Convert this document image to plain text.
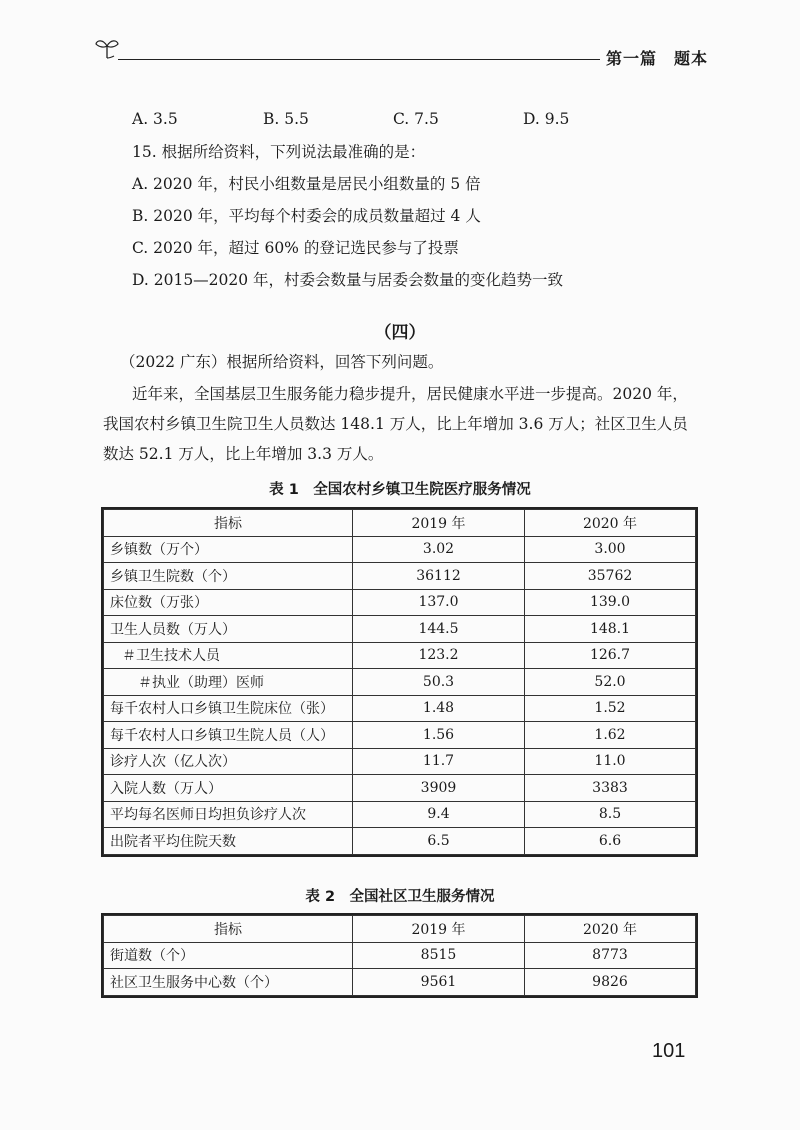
第一篇　题本
A. 3.5	B. 5.5	C. 7.5	D. 9.5
15. 根据所给资料，下列说法最准确的是：
A. 2020 年，村民小组数量是居民小组数量的 5 倍
B. 2020 年，平均每个村委会的成员数量超过 4 人
C. 2020 年，超过 60% 的登记选民参与了投票
D. 2015—2020 年，村委会数量与居委会数量的变化趋势一致
（四）
（2022 广东）根据所给资料，回答下列问题。
近年来，全国基层卫生服务能力稳步提升，居民健康水平进一步提高。2020 年，
我国农村乡镇卫生院卫生人员数达 148.1 万人，比上年增加 3.6 万人；社区卫生人员
数达 52.1 万人，比上年增加 3.3 万人。
表 1　全国农村乡镇卫生院医疗服务情况
指标	2019 年	2020 年
乡镇数（万个）	3.02	3.00
乡镇卫生院数（个）	36112	35762
床位数（万张）	137.0	139.0
卫生人员数（万人）	144.5	148.1
＃卫生技术人员	123.2	126.7
＃执业（助理）医师	50.3	52.0
每千农村人口乡镇卫生院床位（张）	1.48	1.52
每千农村人口乡镇卫生院人员（人）	1.56	1.62
诊疗人次（亿人次）	11.7	11.0
入院人数（万人）	3909	3383
平均每名医师日均担负诊疗人次	9.4	8.5
出院者平均住院天数	6.5	6.6
表 2　全国社区卫生服务情况
指标	2019 年	2020 年
街道数（个）	8515	8773
社区卫生服务中心数（个）	9561	9826
101
